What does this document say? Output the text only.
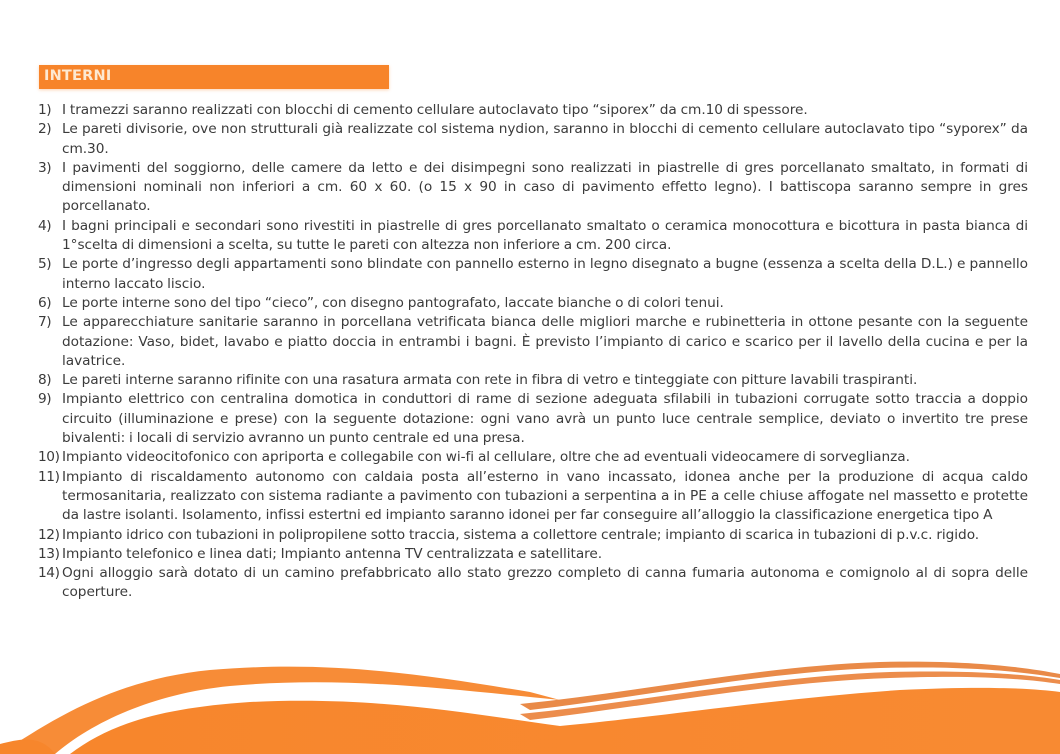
INTERNI
1) I tramezzi saranno realizzati con blocchi di cemento cellulare autoclavato tipo “siporex” da cm.10 di spessore.
2) Le pareti divisorie, ove non strutturali già realizzate col sistema nydion, saranno in blocchi di cemento cellulare autoclavato tipo “syporex” da cm.30.
3) I pavimenti del soggiorno, delle camere da letto e dei disimpegni sono realizzati in piastrelle di gres porcellanato smaltato, in formati di dimensioni nominali non inferiori a cm. 60 x 60. (o 15 x 90 in caso di pavimento effetto legno). I battiscopa saranno sempre in gres porcellanato.
4) I bagni principali e secondari sono rivestiti in piastrelle di gres porcellanato smaltato o ceramica monocottura e bicottura in pasta bianca di 1°scelta di dimensioni a scelta, su tutte le pareti con altezza non inferiore a cm. 200 circa.
5) Le porte d’ingresso degli appartamenti sono blindate con pannello esterno in legno disegnato a bugne (essenza a scelta della D.L.) e pannello interno laccato liscio.
6) Le porte interne sono del tipo “cieco”, con disegno pantografato, laccate bianche o di colori tenui.
7) Le apparecchiature sanitarie saranno in porcellana vetrificata bianca delle migliori marche e rubinetteria in ottone pesante con la seguente dotazione: Vaso, bidet, lavabo e piatto doccia in entrambi i bagni. È previsto l’impianto di carico e scarico per il lavello della cucina e per la lavatrice.
8) Le pareti interne saranno rifinite con una rasatura armata con rete in fibra di vetro e tinteggiate con pitture lavabili traspiranti.
9) Impianto elettrico con centralina domotica in conduttori di rame di sezione adeguata sfilabili in tubazioni corrugate sotto traccia a doppio circuito (illuminazione e prese) con la seguente dotazione: ogni vano avrà un punto luce centrale semplice, deviato o invertito tre prese bivalenti: i locali di servizio avranno un punto centrale ed una presa.
10) Impianto videocitofonico con apriporta e collegabile con wi-fi al cellulare, oltre che ad eventuali videocamere di sorveglianza.
11) Impianto di riscaldamento autonomo con caldaia posta all’esterno in vano incassato, idonea anche per la produzione di acqua caldo termosanitaria, realizzato con sistema radiante a pavimento con tubazioni a serpentina a in PE a celle chiuse affogate nel massetto e protette da lastre isolanti. Isolamento, infissi estertni ed impianto saranno idonei per far conseguire all’alloggio la classificazione energetica tipo A
12) Impianto idrico con tubazioni in polipropilene sotto traccia, sistema a collettore centrale; impianto di scarica in tubazioni di p.v.c. rigido.
13) Impianto telefonico e linea dati; Impianto antenna TV centralizzata e satellitare.
14) Ogni alloggio sarà dotato di un camino prefabbricato allo stato grezzo completo di canna fumaria autonoma e comignolo al di sopra delle coperture.
